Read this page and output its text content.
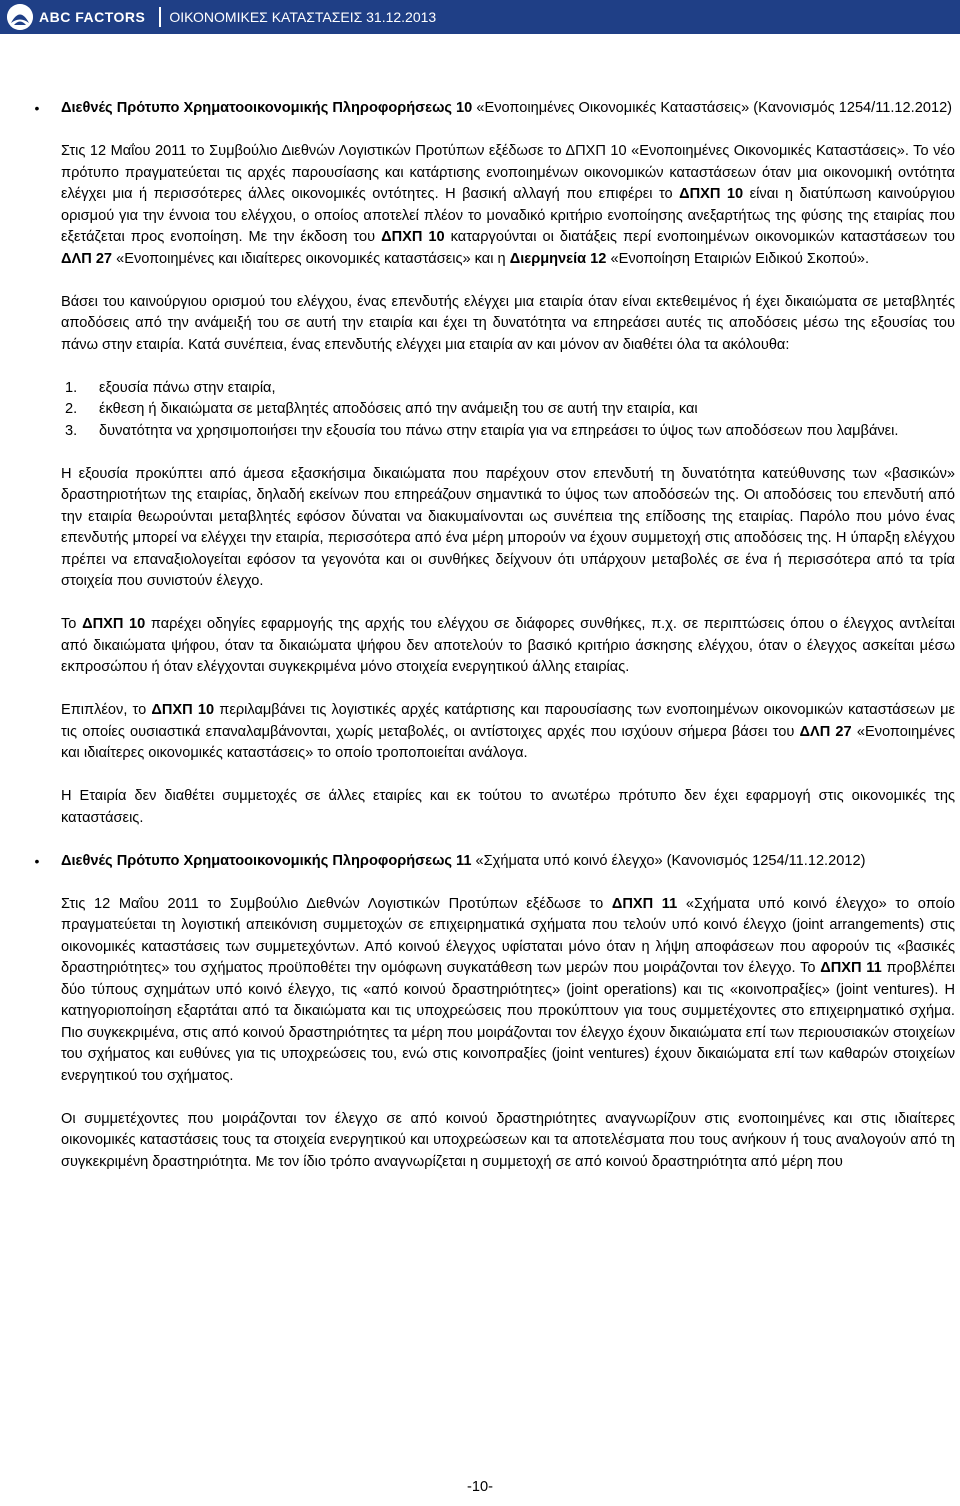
ABC FACTORS ΟΙΚΟΝΟΜΙΚΕΣ ΚΑΤΑΣΤΑΣΕΙΣ 31.12.2013
•	Διεθνές Πρότυπο Χρηματοοικονομικής Πληροφορήσεως 10 «Ενοποιημένες Οικονομικές Καταστάσεις» (Κανονισμός 1254/11.12.2012)

Στις 12 Μαΐου 2011 το Συμβούλιο Διεθνών Λογιστικών Προτύπων εξέδωσε το ΔΠΧΠ 10 «Ενοποιημένες Οικονομικές Καταστάσεις». Το νέο πρότυπο πραγματεύεται τις αρχές παρουσίασης και κατάρτισης ενοποιημένων οικονομικών καταστάσεων όταν μια οικονομική οντότητα ελέγχει μια ή περισσότερες άλλες οικονομικές οντότητες. Η βασική αλλαγή που επιφέρει το ΔΠΧΠ 10 είναι η διατύπωση καινούργιου ορισμού για την έννοια του ελέγχου, ο οποίος αποτελεί πλέον το μοναδικό κριτήριο ενοποίησης ανεξαρτήτως της φύσης της εταιρίας που εξετάζεται προς ενοποίηση. Με την έκδοση του ΔΠΧΠ 10 καταργούνται οι διατάξεις περί ενοποιημένων οικονομικών καταστάσεων του ΔΛΠ 27 «Ενοποιημένες και ιδιαίτερες οικονομικές καταστάσεις» και η Διερμηνεία 12 «Ενοποίηση Εταιριών Ειδικού Σκοπού».

Βάσει του καινούργιου ορισμού του ελέγχου, ένας επενδυτής ελέγχει μια εταιρία όταν είναι εκτεθειμένος ή έχει δικαιώματα σε μεταβλητές αποδόσεις από την ανάμειξή του σε αυτή την εταιρία και έχει τη δυνατότητα να επηρεάσει αυτές τις αποδόσεις μέσω της εξουσίας του πάνω στην εταιρία. Κατά συνέπεια, ένας επενδυτής ελέγχει μια εταιρία αν και μόνον αν διαθέτει όλα τα ακόλουθα:

1. εξουσία πάνω στην εταιρία,
2. έκθεση ή δικαιώματα σε μεταβλητές αποδόσεις από την ανάμειξη του σε αυτή την εταιρία, και
3. δυνατότητα να χρησιμοποιήσει την εξουσία του πάνω στην εταιρία για να επηρεάσει το ύψος των αποδόσεων που λαμβάνει.

Η εξουσία προκύπτει από άμεσα εξασκήσιμα δικαιώματα που παρέχουν στον επενδυτή τη δυνατότητα κατεύθυνσης των «βασικών» δραστηριοτήτων της εταιρίας, δηλαδή εκείνων που επηρεάζουν σημαντικά το ύψος των αποδόσεών της. Οι αποδόσεις του επενδυτή από την εταιρία θεωρούνται μεταβλητές εφόσον δύναται να διακυμαίνονται ως συνέπεια της επίδοσης της εταιρίας. Παρόλο που μόνο ένας επενδυτής μπορεί να ελέγχει την εταιρία, περισσότερα από ένα μέρη μπορούν να έχουν συμμετοχή στις αποδόσεις της. Η ύπαρξη ελέγχου πρέπει να επαναξιολογείται εφόσον τα γεγονότα και οι συνθήκες δείχνουν ότι υπάρχουν μεταβολές σε ένα ή περισσότερα από τα τρία στοιχεία που συνιστούν έλεγχο.

Το ΔΠΧΠ 10 παρέχει οδηγίες εφαρμογής της αρχής του ελέγχου σε διάφορες συνθήκες, π.χ. σε περιπτώσεις όπου ο έλεγχος αντλείται από δικαιώματα ψήφου, όταν τα δικαιώματα ψήφου δεν αποτελούν το βασικό κριτήριο άσκησης ελέγχου, όταν ο έλεγχος ασκείται μέσω εκπροσώπου ή όταν ελέγχονται συγκεκριμένα μόνο στοιχεία ενεργητικού άλλης εταιρίας.

Επιπλέον, το ΔΠΧΠ 10 περιλαμβάνει τις λογιστικές αρχές κατάρτισης και παρουσίασης των ενοποιημένων οικονομικών καταστάσεων με τις οποίες ουσιαστικά επαναλαμβάνονται, χωρίς μεταβολές, οι αντίστοιχες αρχές που ισχύουν σήμερα βάσει του ΔΛΠ 27 «Ενοποιημένες και ιδιαίτερες οικονομικές καταστάσεις» το οποίο τροποποιείται ανάλογα.

Η Εταιρία δεν διαθέτει συμμετοχές σε άλλες εταιρίες και εκ τούτου το ανωτέρω πρότυπο δεν έχει εφαρμογή στις οικονομικές της καταστάσεις.

•	Διεθνές Πρότυπο Χρηματοοικονομικής Πληροφορήσεως 11 «Σχήματα υπό κοινό έλεγχο» (Κανονισμός 1254/11.12.2012)

Στις 12 Μαΐου 2011 το Συμβούλιο Διεθνών Λογιστικών Προτύπων εξέδωσε το ΔΠΧΠ 11 «Σχήματα υπό κοινό έλεγχο» το οποίο πραγματεύεται τη λογιστική απεικόνιση συμμετοχών σε επιχειρηματικά σχήματα που τελούν υπό κοινό έλεγχο (joint arrangements) στις οικονομικές καταστάσεις των συμμετεχόντων. Από κοινού έλεγχος υφίσταται μόνο όταν η λήψη αποφάσεων που αφορούν τις «βασικές δραστηριότητες» του σχήματος προϋποθέτει την ομόφωνη συγκατάθεση των μερών που μοιράζονται τον έλεγχο. Το ΔΠΧΠ 11 προβλέπει δύο τύπους σχημάτων υπό κοινό έλεγχο, τις «από κοινού δραστηριότητες» (joint operations) και τις «κοινοπραξίες» (joint ventures). Η κατηγοριοποίηση εξαρτάται από τα δικαιώματα και τις υποχρεώσεις που προκύπτουν για τους συμμετέχοντες στο επιχειρηματικό σχήμα. Πιο συγκεκριμένα, στις από κοινού δραστηριότητες τα μέρη που μοιράζονται τον έλεγχο έχουν δικαιώματα επί των περιουσιακών στοιχείων του σχήματος και ευθύνες για τις υποχρεώσεις του, ενώ στις κοινοπραξίες (joint ventures) έχουν δικαιώματα επί των καθαρών στοιχείων ενεργητικού του σχήματος.

Οι συμμετέχοντες που μοιράζονται τον έλεγχο σε από κοινού δραστηριότητες αναγνωρίζουν στις ενοποιημένες και στις ιδιαίτερες οικονομικές καταστάσεις τους τα στοιχεία ενεργητικού και υποχρεώσεων και τα αποτελέσματα που τους ανήκουν ή τους αναλογούν από τη συγκεκριμένη δραστηριότητα. Με τον ίδιο τρόπο αναγνωρίζεται η συμμετοχή σε από κοινού δραστηριότητα από μέρη που

-10-
